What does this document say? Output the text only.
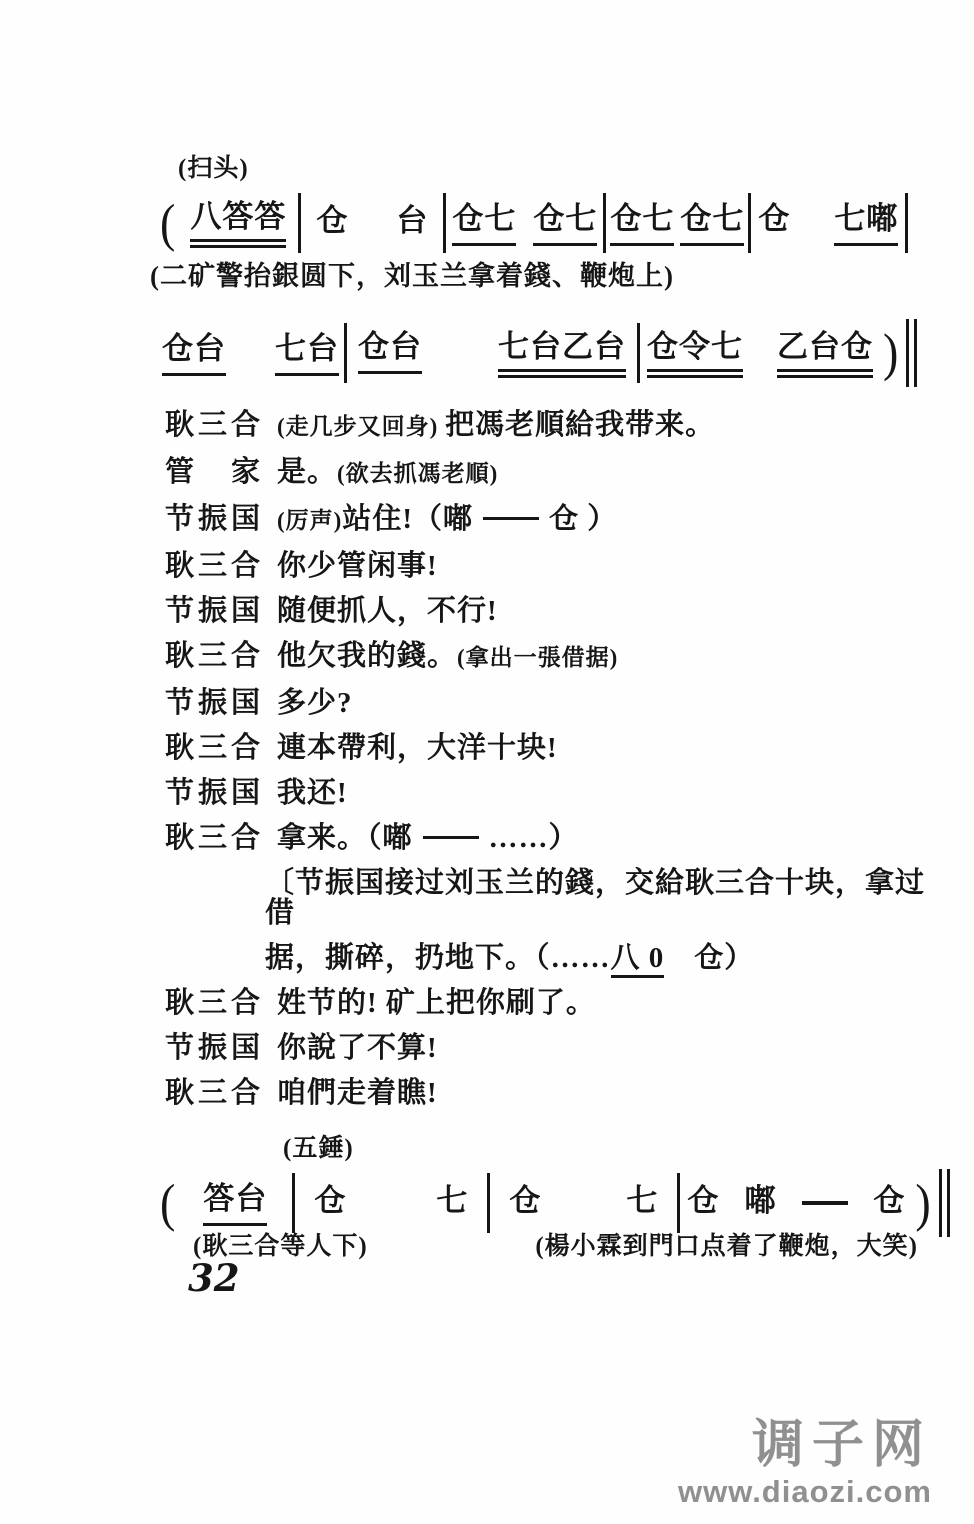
(扫头)
( 八答答 仓 台 仓七 仓七 仓七 仓七 仓 七嘟
(二矿警抬銀圆下，刘玉兰拿着錢、鞭炮上)
仓台 七台 仓台 七台乙台 仓令七 乙台仓 )
耿三合 (走几步又回身) 把馮老順給我带来。
管　家 是。(欲去抓馮老順)
节振国 (厉声)站住!（嘟	仓 ）
耿三合 你少管闲事!
节振国 随便抓人，不行!
耿三合 他欠我的錢。(拿出一張借据)
节振国 多少?
耿三合 連本帶利，大洋十块!
节振国 我还!
耿三合 拿来。（嘟	……）
〔节振国接过刘玉兰的錢，交給耿三合十块，拿过借
据，撕碎，扔地下。（……八 0　仓）
耿三合 姓节的! 矿上把你刷了。
节振国 你說了不算!
耿三合 咱們走着瞧!
(五錘)
( 答台 仓	七 仓	七 仓 嘟	仓 )
(耿三合等人下)	(楊小霖到門口点着了鞭炮，大笑)
32
调子网
www.diaozi.com
